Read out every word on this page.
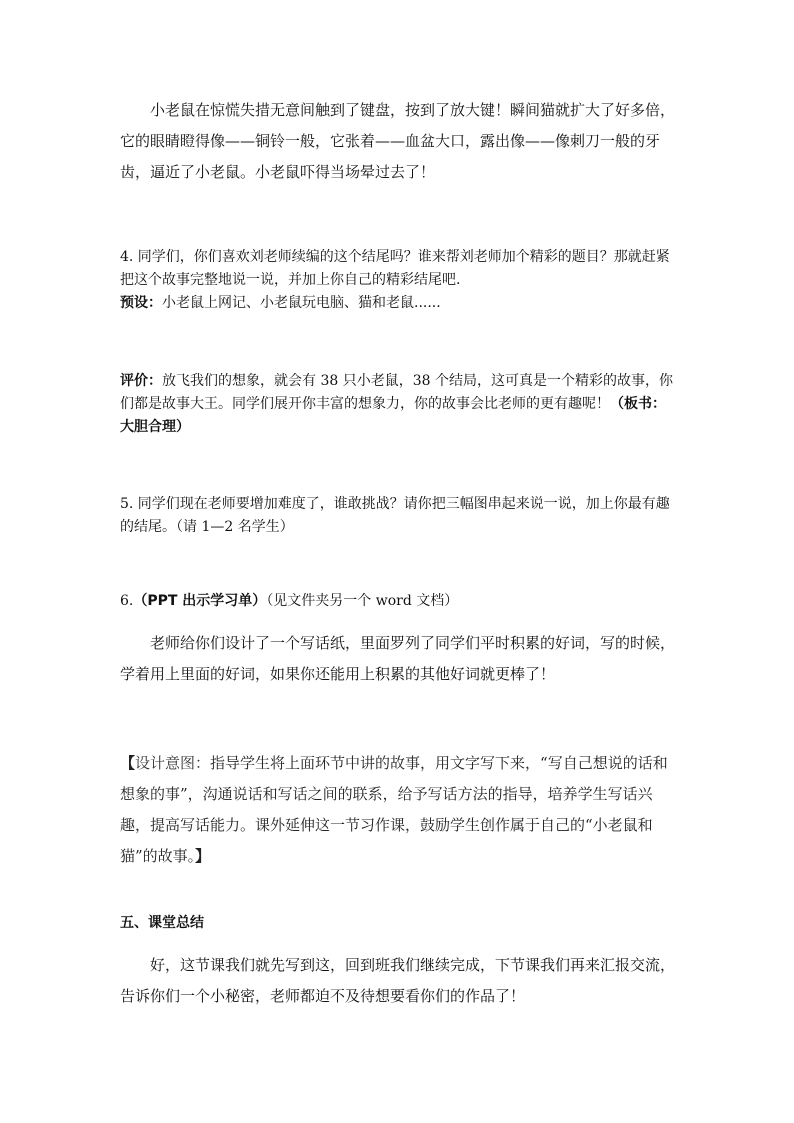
小老鼠在惊慌失措无意间触到了键盘，按到了放大键！瞬间猫就扩大了好多倍，它的眼睛瞪得像——铜铃一般，它张着——血盆大口，露出像——像刺刀一般的牙齿，逼近了小老鼠。小老鼠吓得当场晕过去了！

4. 同学们，你们喜欢刘老师续编的这个结尾吗？谁来帮刘老师加个精彩的题目？那就赶紧把这个故事完整地说一说，并加上你自己的精彩结尾吧.
预设：小老鼠上网记、小老鼠玩电脑、猫和老鼠......

评价：放飞我们的想象，就会有 38 只小老鼠，38 个结局，这可真是一个精彩的故事，你们都是故事大王。同学们展开你丰富的想象力，你的故事会比老师的更有趣呢！（板书：大胆合理）

5. 同学们现在老师要增加难度了，谁敢挑战？请你把三幅图串起来说一说，加上你最有趣的结尾。（请 1—2 名学生）

6.（PPT 出示学习单）（见文件夹另一个 word 文档）

老师给你们设计了一个写话纸，里面罗列了同学们平时积累的好词，写的时候，学着用上里面的好词，如果你还能用上积累的其他好词就更棒了！

【设计意图：指导学生将上面环节中讲的故事，用文字写下来，“写自己想说的话和想象的事”，沟通说话和写话之间的联系，给予写话方法的指导，培养学生写话兴趣，提高写话能力。课外延伸这一节习作课，鼓励学生创作属于自己的“小老鼠和猫”的故事。】

五、课堂总结

好，这节课我们就先写到这，回到班我们继续完成，下节课我们再来汇报交流，告诉你们一个小秘密，老师都迫不及待想要看你们的作品了！
